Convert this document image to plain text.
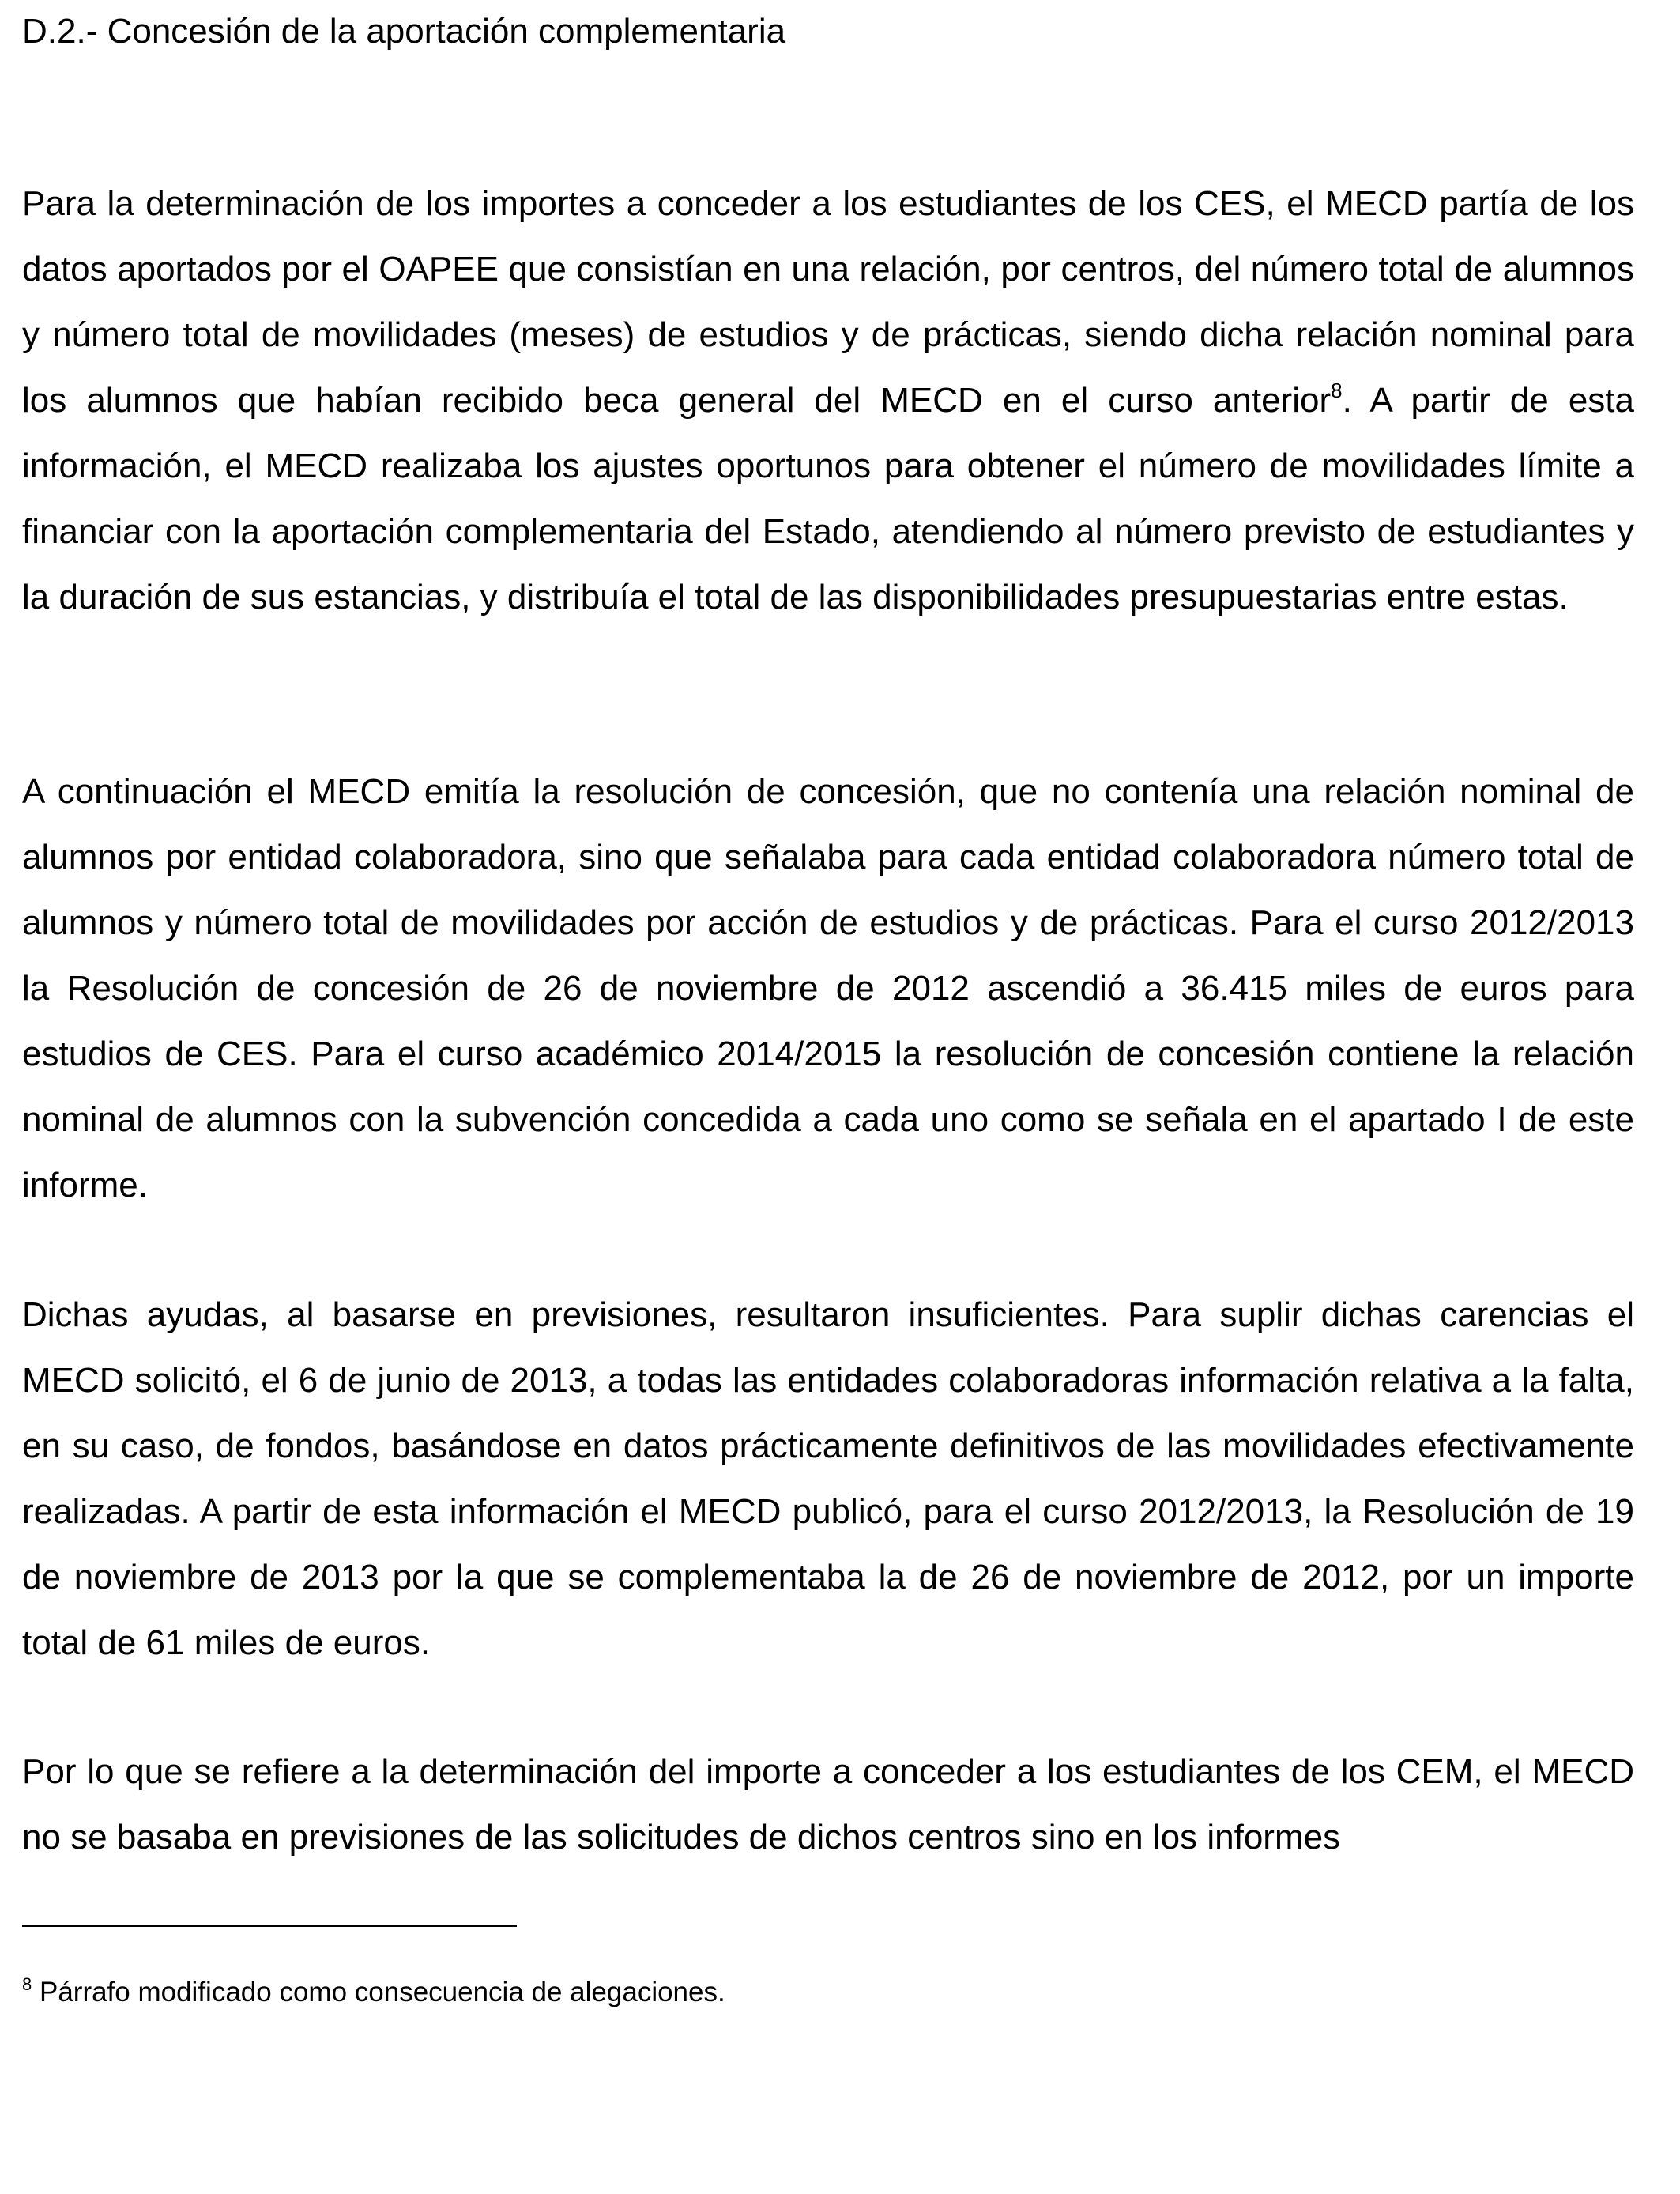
D.2.- Concesión de la aportación complementaria

Para la determinación de los importes a conceder a los estudiantes de los CES, el MECD partía de los datos aportados por el OAPEE que consistían en una relación, por centros, del número total de alumnos y número total de movilidades (meses) de estudios y de prácticas, siendo dicha relación nominal para los alumnos que habían recibido beca general del MECD en el curso anterior$^8$. A partir de esta información, el MECD realizaba los ajustes oportunos para obtener el número de movilidades límite a financiar con la aportación complementaria del Estado, atendiendo al número previsto de estudiantes y la duración de sus estancias, y distribuía el total de las disponibilidades presupuestarias entre estas.

A continuación el MECD emitía la resolución de concesión, que no contenía una relación nominal de alumnos por entidad colaboradora, sino que señalaba para cada entidad colaboradora número total de alumnos y número total de movilidades por acción de estudios y de prácticas. Para el curso 2012/2013 la Resolución de concesión de 26 de noviembre de 2012 ascendió a 36.415 miles de euros para estudios de CES. Para el curso académico 2014/2015 la resolución de concesión contiene la relación nominal de alumnos con la subvención concedida a cada uno como se señala en el apartado I de este informe.

Dichas ayudas, al basarse en previsiones, resultaron insuficientes. Para suplir dichas carencias el MECD solicitó, el 6 de junio de 2013, a todas las entidades colaboradoras información relativa a la falta, en su caso, de fondos, basándose en datos prácticamente definitivos de las movilidades efectivamente realizadas. A partir de esta información el MECD publicó, para el curso 2012/2013, la Resolución de 19 de noviembre de 2013 por la que se complementaba la de 26 de noviembre de 2012, por un importe total de 61 miles de euros.

Por lo que se refiere a la determinación del importe a conceder a los estudiantes de los CEM, el MECD no se basaba en previsiones de las solicitudes de dichos centros sino en los informes

$^8$ Párrafo modificado como consecuencia de alegaciones.
